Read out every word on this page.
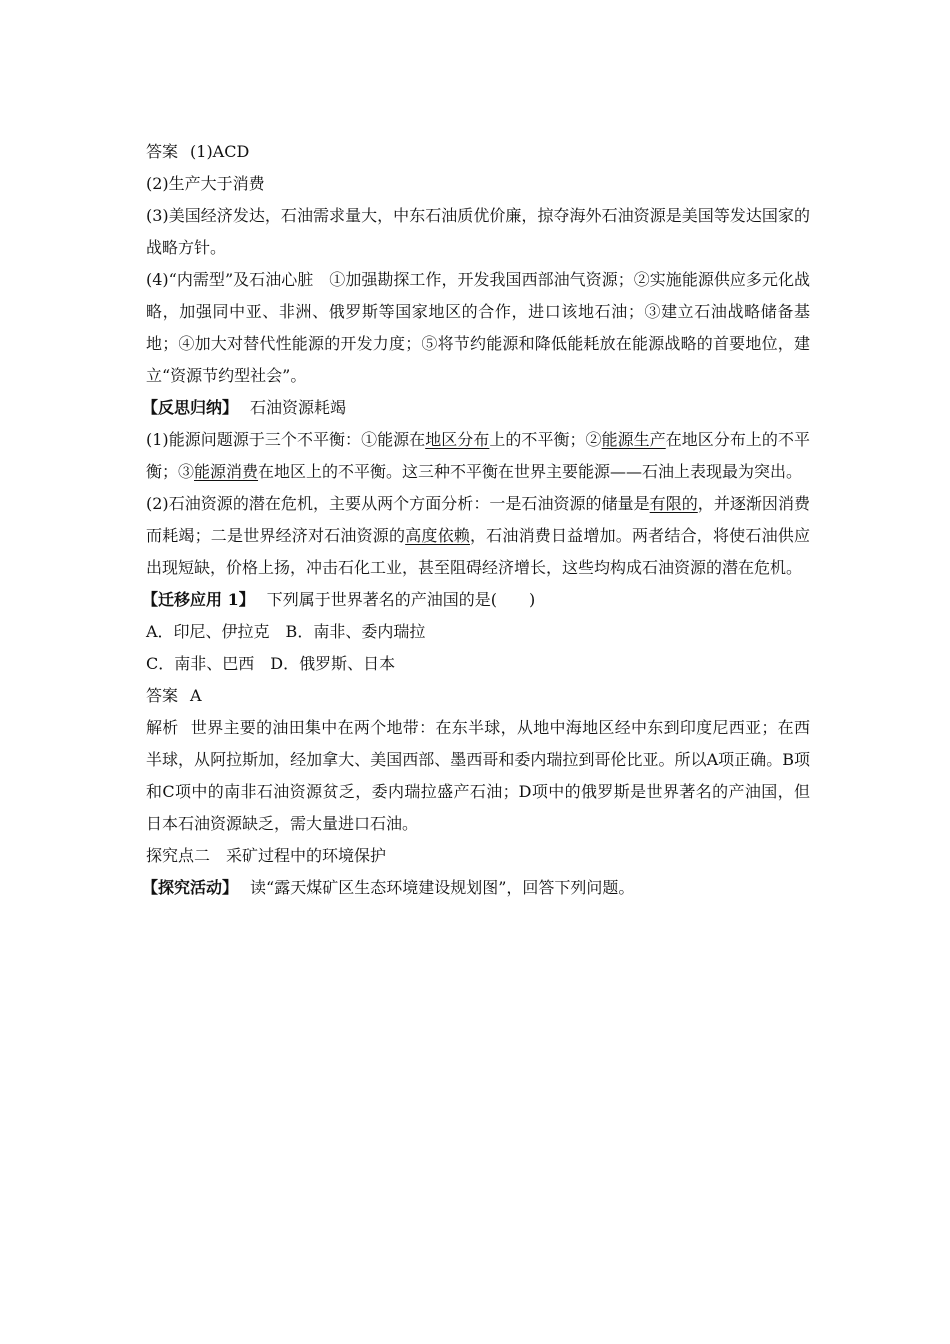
答案 (1)ACD

(2)生产大于消费

(3)美国经济发达，石油需求量大，中东石油质优价廉，掠夺海外石油资源是美国等发达国家的战略方针。

(4)“内需型”及石油心脏　①加强勘探工作，开发我国西部油气资源；②实施能源供应多元化战略，加强同中亚、非洲、俄罗斯等国家地区的合作，进口该地石油；③建立石油战略储备基地；④加大对替代性能源的开发力度；⑤将节约能源和降低能耗放在能源战略的首要地位，建立“资源节约型社会”。

【反思归纳】 石油资源耗竭

(1)能源问题源于三个不平衡：①能源在地区分布上的不平衡；②能源生产在地区分布上的不平衡；③能源消费在地区上的不平衡。这三种不平衡在世界主要能源——石油上表现最为突出。

(2)石油资源的潜在危机，主要从两个方面分析：一是石油资源的储量是有限的，并逐渐因消费而耗竭；二是世界经济对石油资源的高度依赖，石油消费日益增加。两者结合，将使石油供应出现短缺，价格上扬，冲击石化工业，甚至阻碍经济增长，这些均构成石油资源的潜在危机。

【迁移应用 1】 下列属于世界著名的产油国的是(　　)

A．印尼、伊拉克　B．南非、委内瑞拉

C．南非、巴西　D．俄罗斯、日本

答案 A

解析 世界主要的油田集中在两个地带：在东半球，从地中海地区经中东到印度尼西亚；在西半球，从阿拉斯加，经加拿大、美国西部、墨西哥和委内瑞拉到哥伦比亚。所以A项正确。B项和C项中的南非石油资源贫乏，委内瑞拉盛产石油；D项中的俄罗斯是世界著名的产油国，但日本石油资源缺乏，需大量进口石油。

探究点二　采矿过程中的环境保护

【探究活动】 读“露天煤矿区生态环境建设规划图”，回答下列问题。
